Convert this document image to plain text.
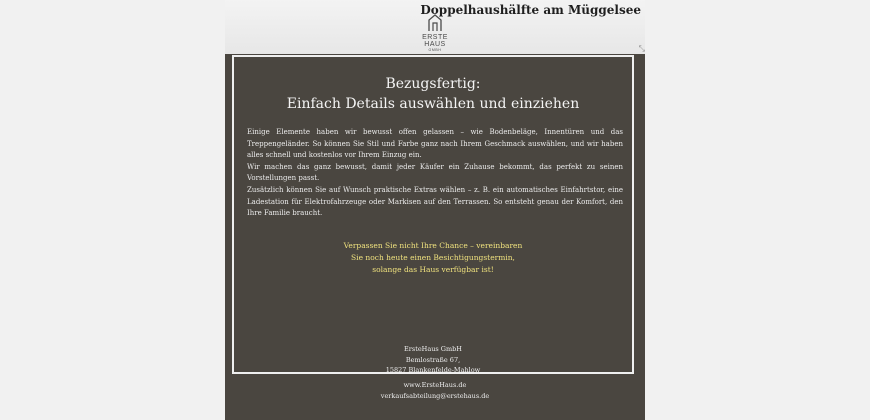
ERSTE HAUS
GMBH
Doppelhaushälfte am Müggelsee
⤡
Bezugsfertig:
Einfach Details auswählen und einziehen

Einige Elemente haben wir bewusst offen gelassen – wie Bodenbeläge, Innentüren und das Treppengeländer. So können Sie Stil und Farbe ganz nach Ihrem Geschmack auswählen, und wir haben alles schnell und kostenlos vor Ihrem Einzug ein.

Wir machen das ganz bewusst, damit jeder Käufer ein Zuhause bekommt, das perfekt zu seinen Vorstellungen passt.

Zusätzlich können Sie auf Wunsch praktische Extras wählen – z. B. ein automatisches Einfahrtstor, eine Ladestation für Elektrofahrzeuge oder Markisen auf den Terrassen. So entsteht genau der Komfort, den Ihre Familie braucht.

Verpassen Sie nicht Ihre Chance – vereinbaren
Sie noch heute einen Besichtigungstermin,
solange das Haus verfügbar ist!
ErsteHaus GmbH
Bemlostraße 67,
15827 Blankenfelde-Mahlow
www.ErsteHaus.de
verkaufsabteilung@erstehaus.de
